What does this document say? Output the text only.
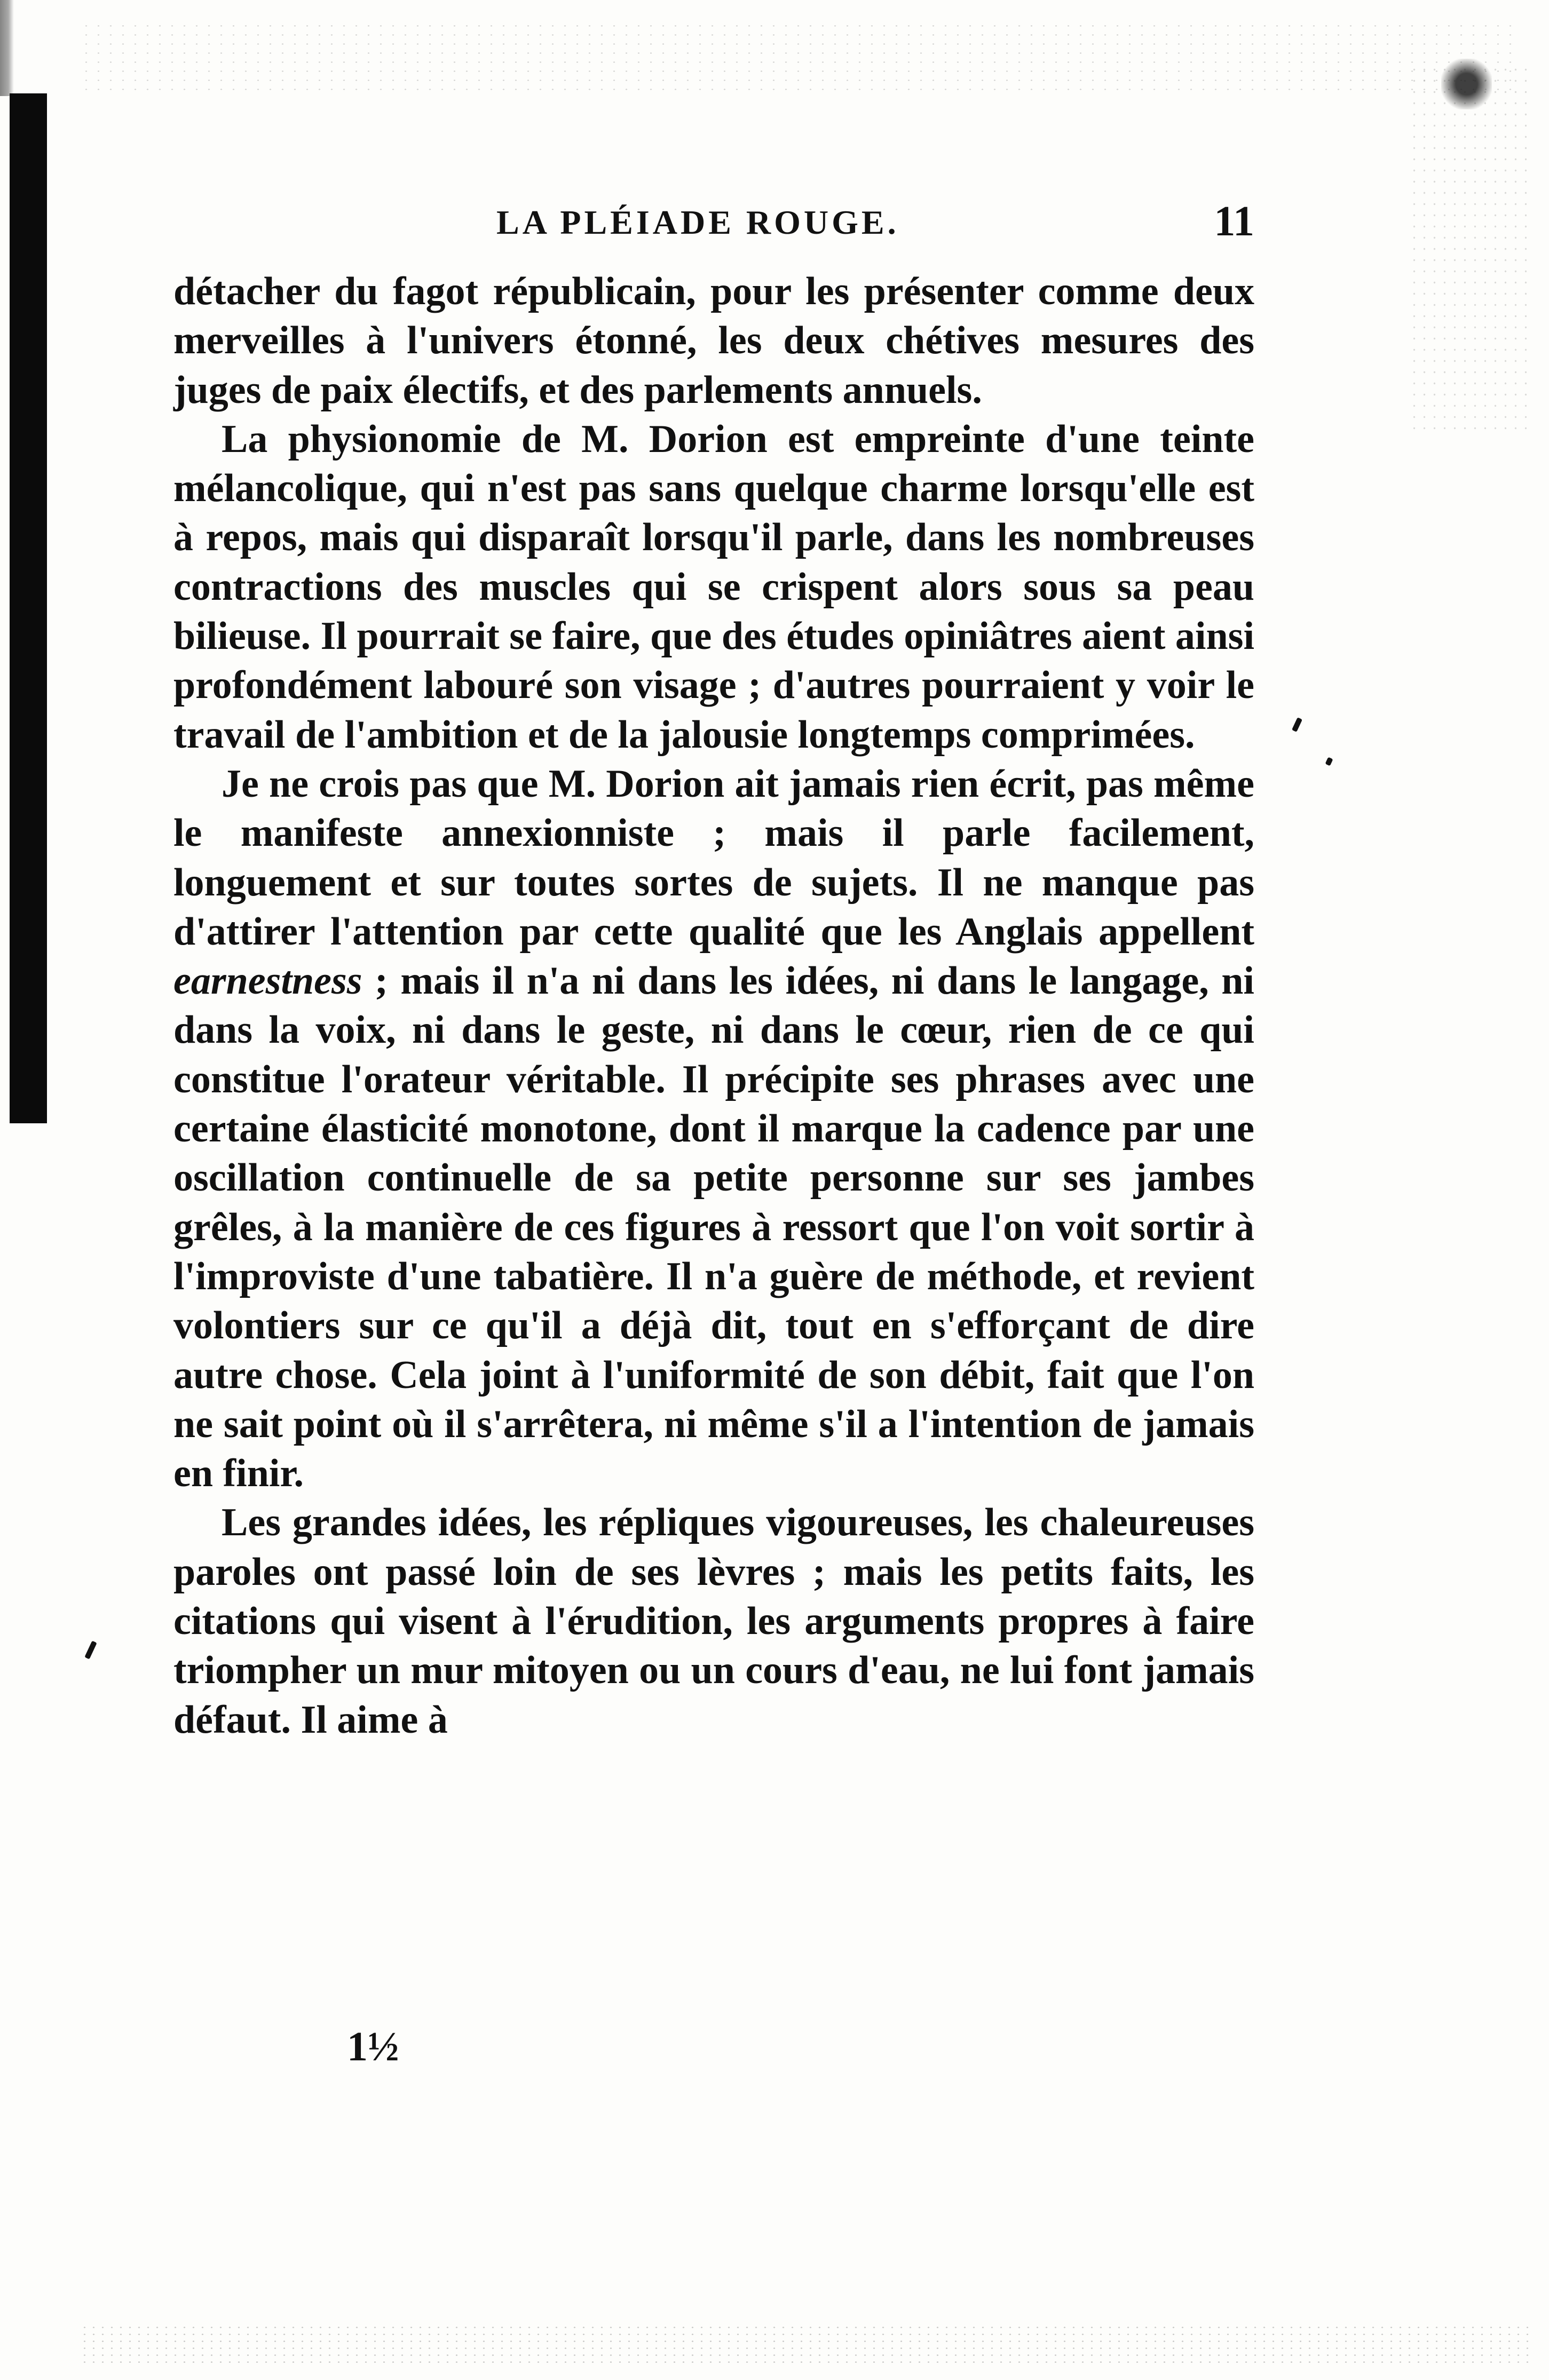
LA PLÉIADE ROUGE.	11

détacher du fagot républicain, pour les présenter comme deux merveilles à l'univers étonné, les deux chétives mesures des juges de paix électifs, et des parlements annuels.

La physionomie de M. Dorion est empreinte d'une teinte mélancolique, qui n'est pas sans quelque charme lorsqu'elle est à repos, mais qui disparaît lorsqu'il parle, dans les nombreuses contractions des muscles qui se crispent alors sous sa peau bilieuse. Il pourrait se faire, que des études opiniâtres aient ainsi profondément labouré son visage ; d'autres pourraient y voir le travail de l'ambition et de la jalousie longtemps comprimées.

Je ne crois pas que M. Dorion ait jamais rien écrit, pas même le manifeste annexionniste ; mais il parle facilement, longuement et sur toutes sortes de sujets. Il ne manque pas d'attirer l'attention par cette qualité que les Anglais appellent earnestness ; mais il n'a ni dans les idées, ni dans le langage, ni dans la voix, ni dans le geste, ni dans le cœur, rien de ce qui constitue l'orateur véritable. Il précipite ses phrases avec une certaine élasticité monotone, dont il marque la cadence par une oscillation continuelle de sa petite personne sur ses jambes grêles, à la manière de ces figures à ressort que l'on voit sortir à l'improviste d'une tabatière. Il n'a guère de méthode, et revient volontiers sur ce qu'il a déjà dit, tout en s'efforçant de dire autre chose. Cela joint à l'uniformité de son débit, fait que l'on ne sait point où il s'arrêtera, ni même s'il a l'intention de jamais en finir.

Les grandes idées, les répliques vigoureuses, les chaleureuses paroles ont passé loin de ses lèvres ; mais les petits faits, les citations qui visent à l'érudition, les arguments propres à faire triompher un mur mitoyen ou un cours d'eau, ne lui font jamais défaut. Il aime à

1½
